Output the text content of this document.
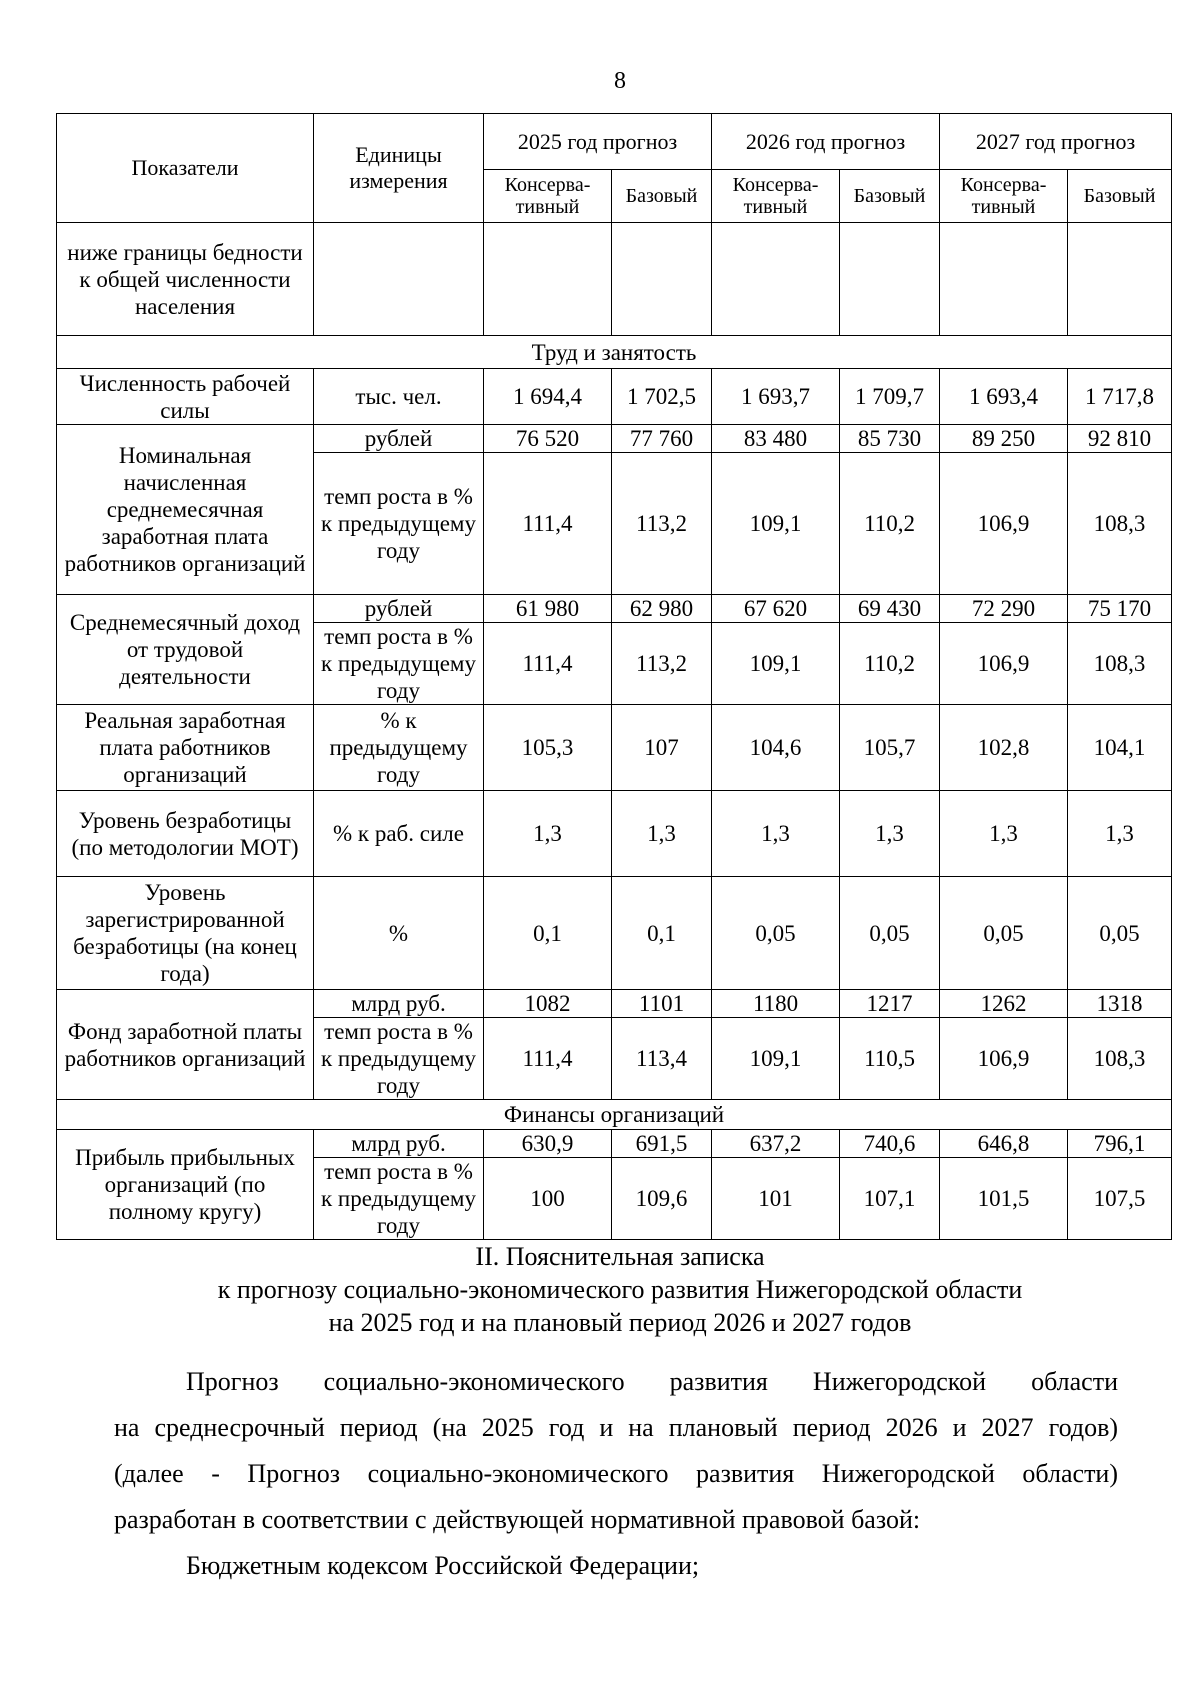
8
Показатели	Единицы измерения	2025 год прогноз		2026 год прогноз		2027 год прогноз	
		Консерва-тивный	Базовый	Консерва-тивный	Базовый	Консерва-тивный	Базовый
ниже границы бедности к общей численности населения							
Труд и занятость							
Численность рабочей силы	тыс. чел.	1 694,4	1 702,5	1 693,7	1 709,7	1 693,4	1 717,8
Номинальная начисленная среднемесячная заработная плата работников организаций	рублей	76 520	77 760	83 480	85 730	89 250	92 810
	темп роста в % к предыдущему году	111,4	113,2	109,1	110,2	106,9	108,3
Среднемесячный доход от трудовой деятельности	рублей	61 980	62 980	67 620	69 430	72 290	75 170
	темп роста в % к предыдущему году	111,4	113,2	109,1	110,2	106,9	108,3
Реальная заработная плата работников организаций	% к предыдущему году	105,3	107	104,6	105,7	102,8	104,1
Уровень безработицы (по методологии МОТ)	% к раб. силе	1,3	1,3	1,3	1,3	1,3	1,3
Уровень зарегистрированной безработицы (на конец года)	%	0,1	0,1	0,05	0,05	0,05	0,05
Фонд заработной платы работников организаций	млрд руб.	1082	1101	1180	1217	1262	1318
	темп роста в % к предыдущему году	111,4	113,4	109,1	110,5	106,9	108,3
Финансы организаций							
Прибыль прибыльных организаций (по полному кругу)	млрд руб.	630,9	691,5	637,2	740,6	646,8	796,1
	темп роста в % к предыдущему году	100	109,6	101	107,1	101,5	107,5
II. Пояснительная записка
к прогнозу социально-экономического развития Нижегородской области
на 2025 год и на плановый период 2026 и 2027 годов
Прогноз социально-экономического развития Нижегородской области
на среднесрочный период (на 2025 год и на плановый период 2026 и 2027 годов)
(далее - Прогноз социально-экономического развития Нижегородской области)
разработан в соответствии с действующей нормативной правовой базой:
Бюджетным кодексом Российской Федерации;
